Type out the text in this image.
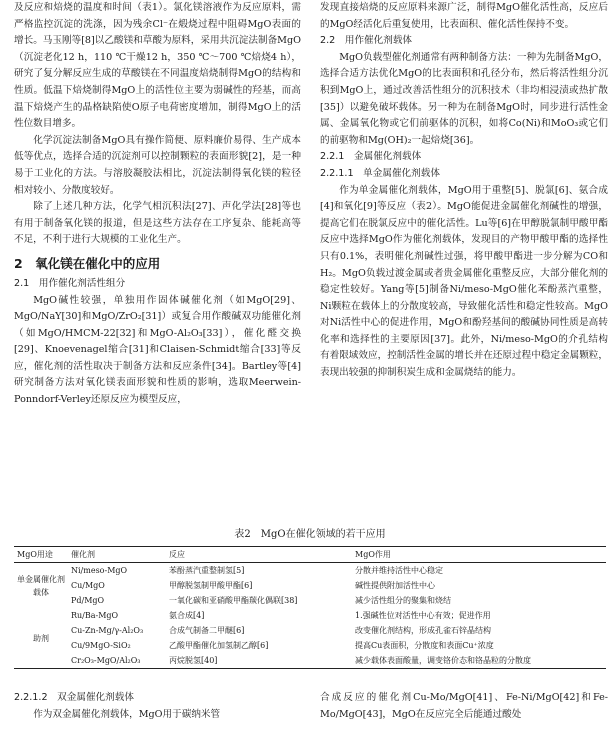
及反应和焙烧的温度和时间（表1）。氯化镁溶液作为反应原料，需严格监控沉淀的洗涤，因为残余Cl⁻在煅烧过程中阻碍MgO表面的增长。马玉刚等[8]以乙酸镁和草酸为原料，采用共沉淀法制备MgO（沉淀老化12 h，110 ℃干燥12 h，350 ℃～700 ℃焙烧4 h），研究了复分解反应生成的草酸镁在不同温度焙烧制得MgO的结构和性质。低温下焙烧制得MgO上的活性位主要为弱碱性的羟基，而高温下焙烧产生的晶格缺陷使O原子电荷密度增加，制得MgO上的活性位数目增多。

化学沉淀法制备MgO具有操作简便、原料廉价易得、生产成本低等优点，选择合适的沉淀剂可以控制颗粒的表面形貌[2]，是一种易于工业化的方法。与溶胶凝胶法相比，沉淀法制得氧化镁的粒径相对较小、分散度较好。

除了上述几种方法，化学气相沉积法[27]、声化学法[28]等也有用于制备氧化镁的报道，但是这些方法存在工序复杂、能耗高等不足，不利于进行大规模的工业化生产。

2　氧化镁在催化中的应用
2.1　用作催化剂活性组分

MgO碱性较强，单独用作固体碱催化剂（如MgO[29]、MgO/NaY[30]和MgO/ZrO₂[31]）或复合用作酸碱双功能催化剂（如MgO/HMCM-22[32]和MgO-Al₂O₃[33]），催化醛交换[29]、Knoevenagel缩合[31]和Claisen-Schmidt缩合[33]等反应，催化剂的活性取决于制备方法和反应条件[34]。Bartley等[4]研究制备方法对氧化镁表面形貌和性质的影响，选取Meerwein-Ponndorf-Verley还原反应为模型反应，

发现直接焙烧的反应原料来源广泛，制得MgO催化活性高，反应后的MgO经活化后重复使用，比表面积、催化活性保持不变。

2.2　用作催化剂载体

MgO负载型催化剂通常有两种制备方法：一种为先制备MgO，选择合适方法优化MgO的比表面积和孔径分布，然后将活性组分沉积到MgO上，通过改善活性组分的沉积技术（非均相浸渍或热扩散[35]）以避免破坏载体。另一种为在制备MgO时，同步进行活性金属、金属氧化物或它们前驱体的沉积，如将Co(Ni)和MoO₃或它们的前驱物和Mg(OH)₂一起焙烧[36]。

2.2.1　金属催化剂载体
2.2.1.1　单金属催化剂载体

作为单金属催化剂载体，MgO用于重整[5]、脱氯[6]、氨合成[4]和氧化[9]等反应（表2）。MgO能促进金属催化剂碱性的增强，提高它们在脱氯反应中的催化活性。Lu等[6]在甲醇脱氯制甲酸甲酯反应中选择MgO作为催化剂载体，发现目的产物甲酸甲酯的选择性只有0.1%，表明催化剂碱性过强，将甲酸甲酯进一步分解为CO和H₂。MgO负载过渡金属或者贵金属催化重整反应，大部分催化剂的稳定性较好。Yang等[5]制备Ni/meso-MgO催化苯酚蒸汽重整，Ni颗粒在载体上的分散度较高，导致催化活性和稳定性较高。MgO对Ni活性中心的促进作用，MgO和酚羟基间的酸碱协同性质是高转化率和选择性的主要原因[37]。此外，Ni/meso-MgO的介孔结构有着限域效应，控制活性金属的增长并在还原过程中稳定金属颗粒，表现出较强的抑制积炭生成和金属烧结的能力。

表2　MgO在催化领域的若干应用
MgO用途	催化剂	反应	MgO作用
单金属催化剂载体	Ni/meso-MgO	苯酚蒸汽重整制氢[5]	分散并维持活性中心稳定
	Cu/MgO	甲醇脱氢制甲酸甲酯[6]	碱性提供附加活性中心
	Pd/MgO	一氧化碳和亚硝酸甲酯羰化偶联[38]	减少活性组分的聚集和烧结
助剂	Ru/Ba-MgO	氨合成[4]	1.强碱性位对活性中心有效；促进作用
	Cu-Zn-Mg/γ-Al₂O₃	合成气制备二甲醚[6]	改变催化剂结构，形成孔雀石锌晶结构
	Cu/9MgO-SiO₂	乙酸甲酯催化加氢制乙醇[6]	提高Cu表面积，分散度和表面Cu⁺浓度
	Cr₂O₃-MgO/Al₂O₃	丙烷脱氢[40]	减少载体表面酸量，调变铬价态和铬晶粒的分散度
2.2.1.2　双金属催化剂载体

作为双金属催化剂载体，MgO用于碳纳米管

合成反应的催化剂Cu-Mo/MgO[41]、Fe-Ni/MgO[42]和Fe-Mo/MgO[43]，MgO在反应完全后能通过酸处
